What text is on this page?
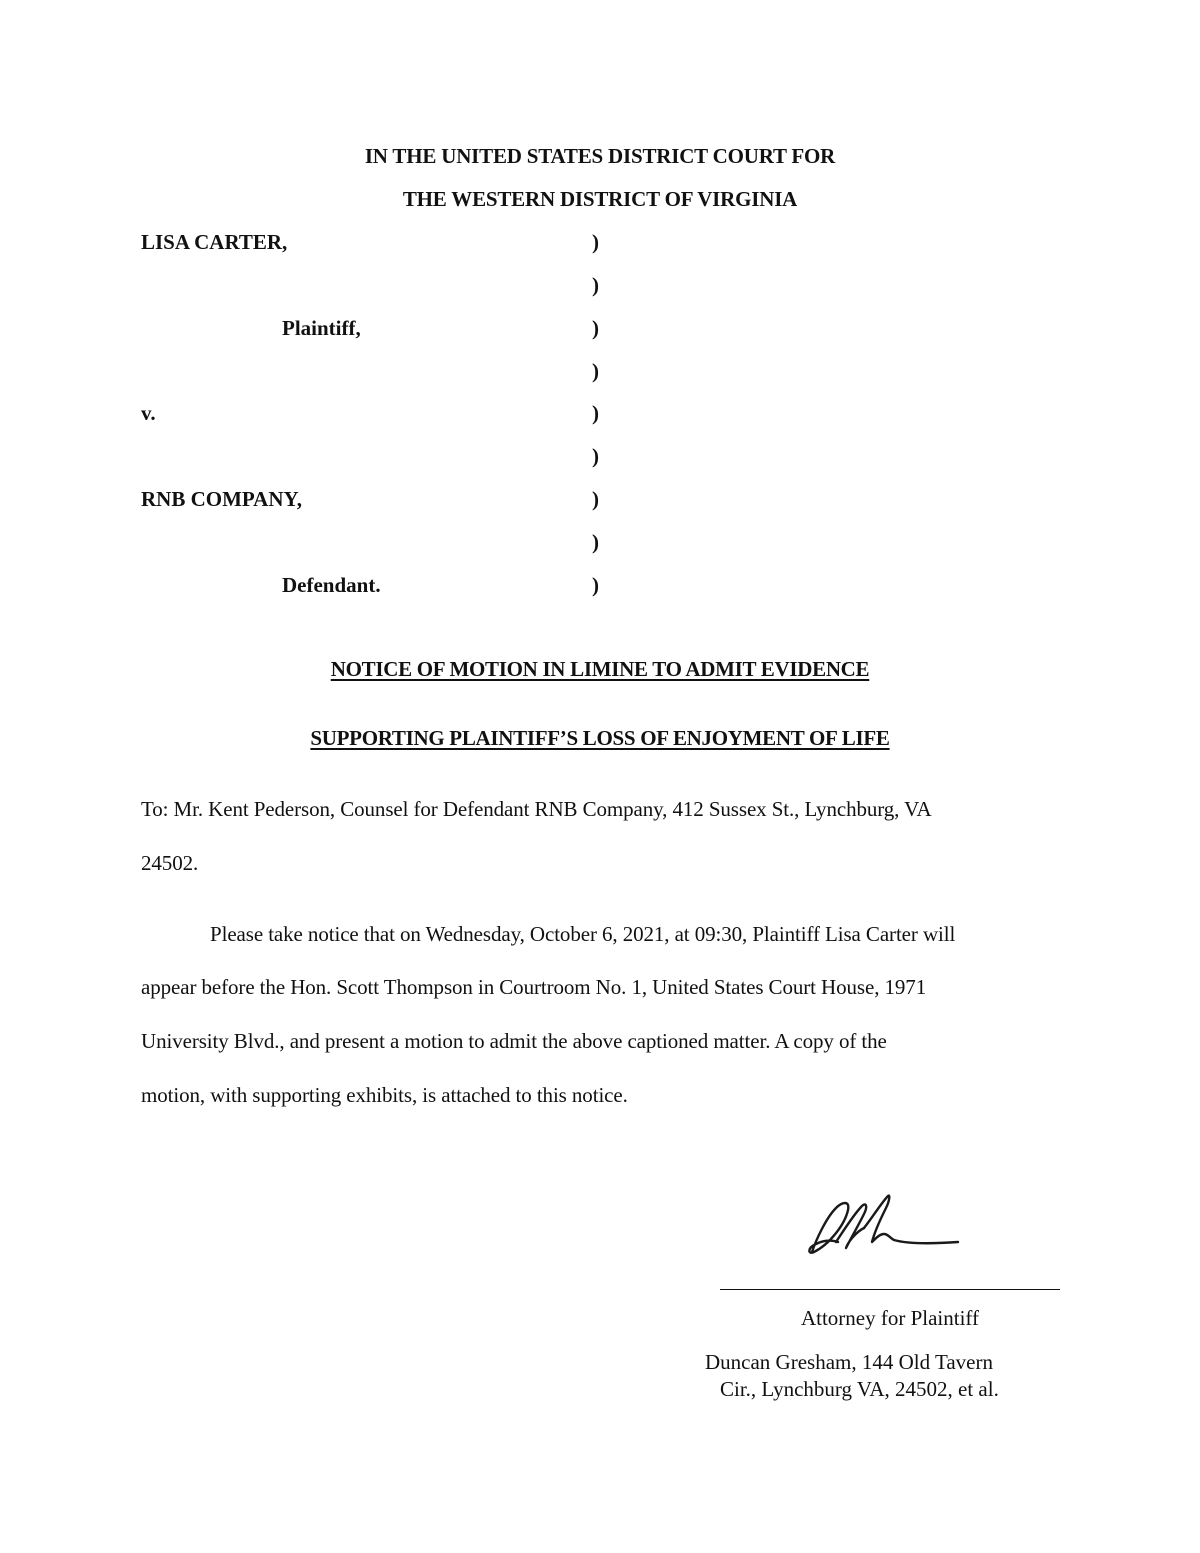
IN THE UNITED STATES DISTRICT COURT FOR
THE WESTERN DISTRICT OF VIRGINIA
LISA CARTER,
Plaintiff,
v.
RNB COMPANY,
Defendant.
)
)
)
)
)
)
)
)
)
NOTICE OF MOTION IN LIMINE TO ADMIT EVIDENCE
SUPPORTING PLAINTIFF’S LOSS OF ENJOYMENT OF LIFE
To: Mr. Kent Pederson, Counsel for Defendant RNB Company, 412 Sussex St., Lynchburg, VA
24502.
Please take notice that on Wednesday, October 6, 2021, at 09:30, Plaintiff Lisa Carter will
appear before the Hon. Scott Thompson in Courtroom No. 1, United States Court House, 1971
University Blvd., and present a motion to admit the above captioned matter. A copy of the
motion, with supporting exhibits, is attached to this notice.
Attorney for Plaintiff
Duncan Gresham, 144 Old Tavern
Cir., Lynchburg VA, 24502, et al.
